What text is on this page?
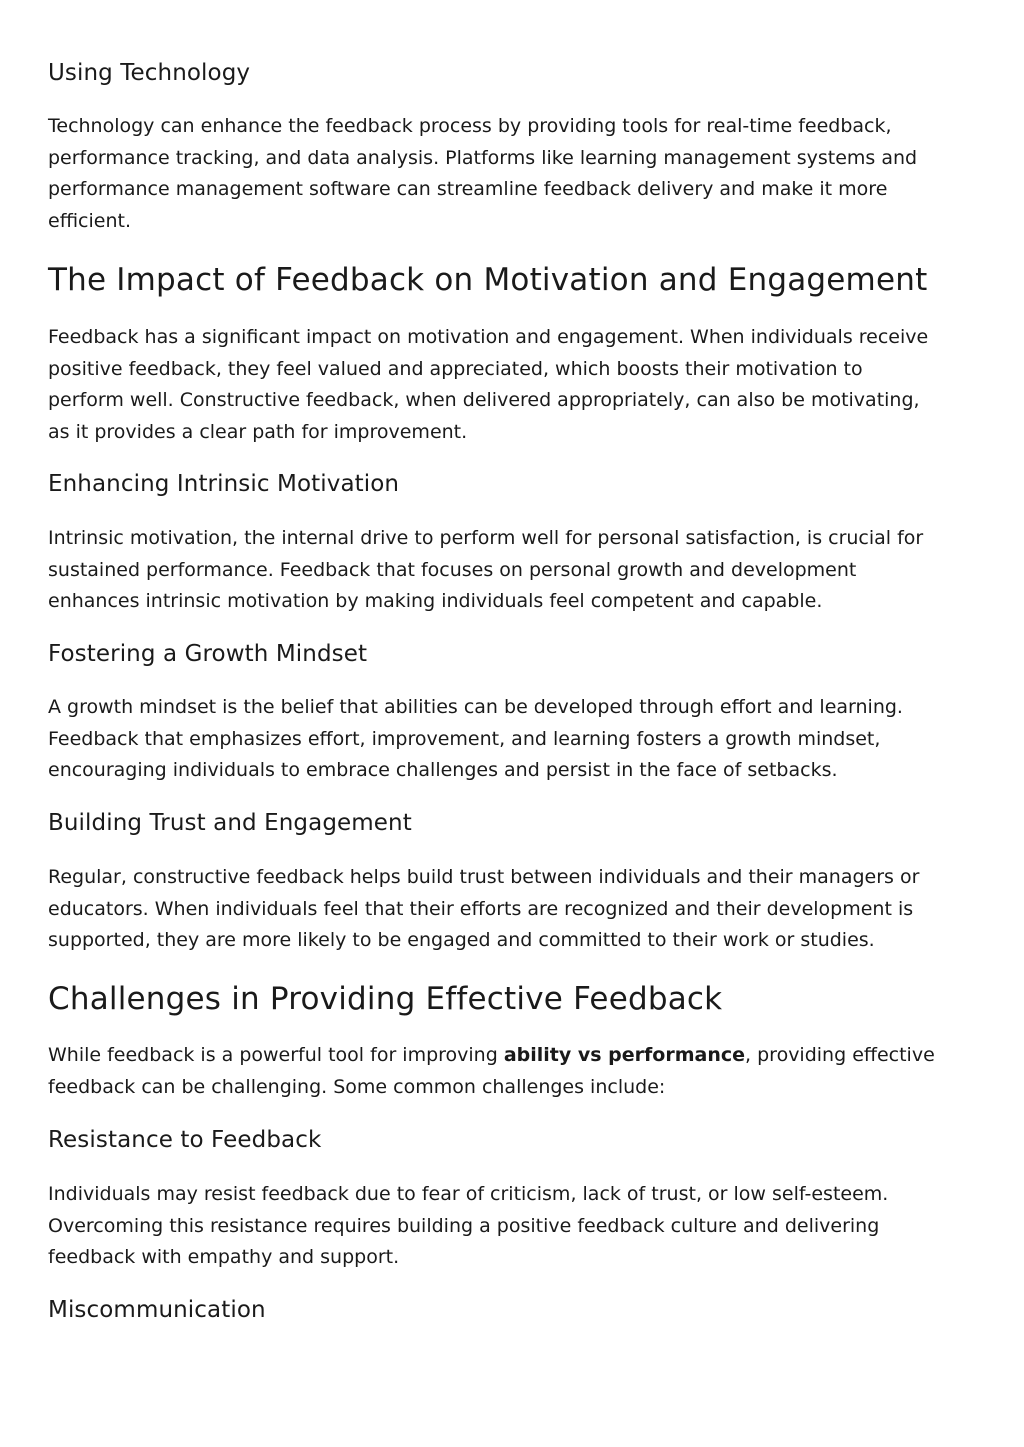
Using Technology

Technology can enhance the feedback process by providing tools for real-time feedback,
performance tracking, and data analysis. Platforms like learning management systems and
performance management software can streamline feedback delivery and make it more
efficient.

The Impact of Feedback on Motivation and Engagement

Feedback has a significant impact on motivation and engagement. When individuals receive
positive feedback, they feel valued and appreciated, which boosts their motivation to
perform well. Constructive feedback, when delivered appropriately, can also be motivating,
as it provides a clear path for improvement.

Enhancing Intrinsic Motivation

Intrinsic motivation, the internal drive to perform well for personal satisfaction, is crucial for
sustained performance. Feedback that focuses on personal growth and development
enhances intrinsic motivation by making individuals feel competent and capable.

Fostering a Growth Mindset

A growth mindset is the belief that abilities can be developed through effort and learning.
Feedback that emphasizes effort, improvement, and learning fosters a growth mindset,
encouraging individuals to embrace challenges and persist in the face of setbacks.

Building Trust and Engagement

Regular, constructive feedback helps build trust between individuals and their managers or
educators. When individuals feel that their efforts are recognized and their development is
supported, they are more likely to be engaged and committed to their work or studies.

Challenges in Providing Effective Feedback

While feedback is a powerful tool for improving ability vs performance, providing effective
feedback can be challenging. Some common challenges include:

Resistance to Feedback

Individuals may resist feedback due to fear of criticism, lack of trust, or low self-esteem.
Overcoming this resistance requires building a positive feedback culture and delivering
feedback with empathy and support.

Miscommunication
